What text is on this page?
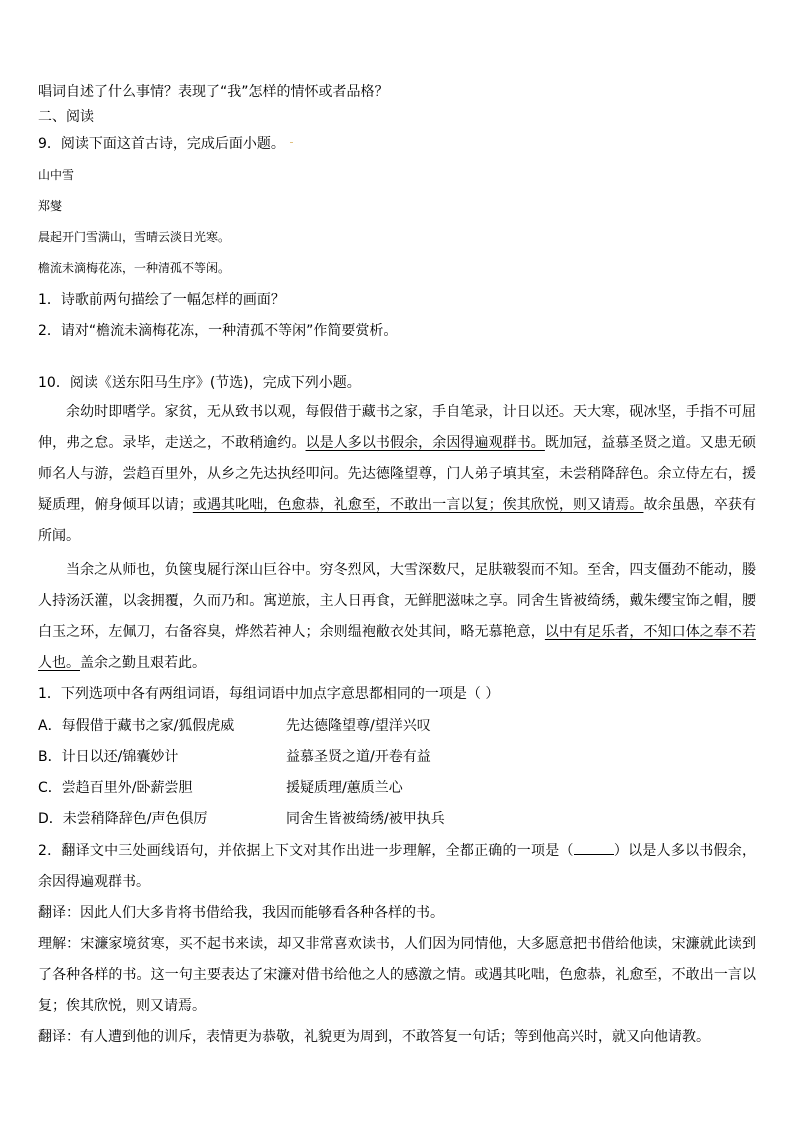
唱词自述了什么事情？表现了“我”怎样的情怀或者品格？
二、阅读
9．阅读下面这首古诗，完成后面小题。
山中雪
郑燮
晨起开门雪满山，雪晴云淡日光寒。
檐流未滴梅花冻，一种清孤不等闲。
1．诗歌前两句描绘了一幅怎样的画面？
2．请对“檐流未滴梅花冻，一种清孤不等闲”作简要赏析。
10．阅读《送东阳马生序》(节选)，完成下列小题。
余幼时即嗜学。家贫，无从致书以观，每假借于藏书之家，手自笔录，计日以还。天大寒，砚冰坚，手指不可屈伸，弗之怠。录毕，走送之，不敢稍逾约。以是人多以书假余，余因得遍观群书。既加冠，益慕圣贤之道。又患无硕师名人与游，尝趋百里外，从乡之先达执经叩问。先达德隆望尊，门人弟子填其室，未尝稍降辞色。余立侍左右，援疑质理，俯身倾耳以请；或遇其叱咄，色愈恭，礼愈至，不敢出一言以复；俟其欣悦，则又请焉。故余虽愚，卒获有所闻。
当余之从师也，负箧曳屣行深山巨谷中。穷冬烈风，大雪深数尺，足肤皲裂而不知。至舍，四支僵劲不能动，媵人持汤沃灌，以衾拥覆，久而乃和。寓逆旅，主人日再食，无鲜肥滋味之享。同舍生皆被绮绣，戴朱缨宝饰之帽，腰白玉之环，左佩刀，右备容臭，烨然若神人；余则缊袍敝衣处其间，略无慕艳意，以中有足乐者，不知口体之奉不若人也。盖余之勤且艰若此。
1．下列选项中各有两组词语，每组词语中加点字意思都相同的一项是（ ）
A．每假借于藏书之家/狐假虎威	先达德隆望尊/望洋兴叹
B．计日以还/锦囊妙计	益慕圣贤之道/开卷有益
C．尝趋百里外/卧薪尝胆	援疑质理/蕙质兰心
D．未尝稍降辞色/声色俱厉	同舍生皆被绮绣/被甲执兵
2．翻译文中三处画线语句，并依据上下文对其作出进一步理解，全都正确的一项是（	）以是人多以书假余，余因得遍观群书。
翻译：因此人们大多肯将书借给我，我因而能够看各种各样的书。
理解：宋濂家境贫寒，买不起书来读，却又非常喜欢读书，人们因为同情他，大多愿意把书借给他读，宋濂就此读到了各种各样的书。这一句主要表达了宋濂对借书给他之人的感激之情。或遇其叱咄，色愈恭，礼愈至，不敢出一言以复；俟其欣悦，则又请焉。
翻译：有人遭到他的训斥，表情更为恭敬，礼貌更为周到，不敢答复一句话；等到他高兴时，就又向他请教。
